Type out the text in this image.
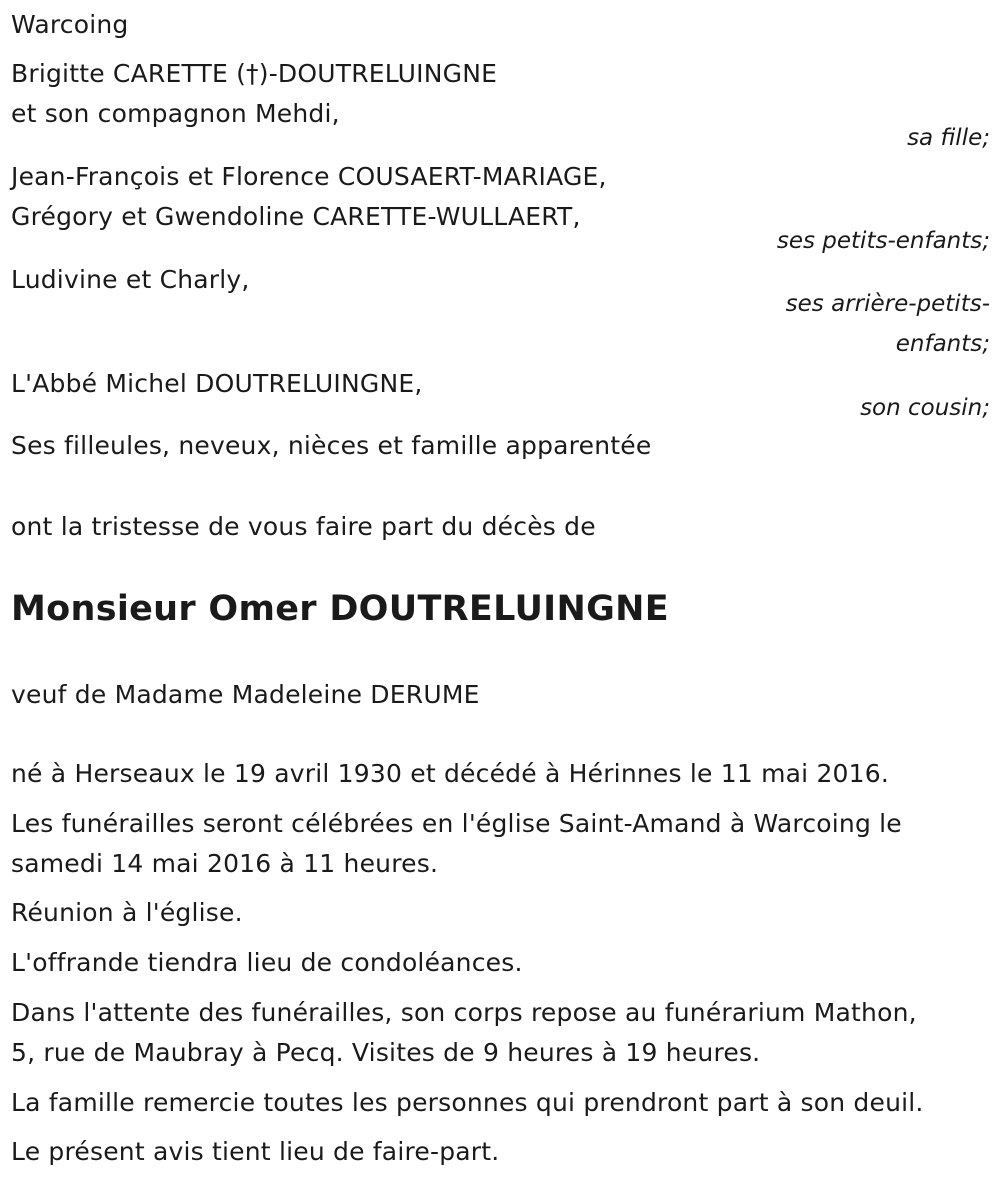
Warcoing
Brigitte CARETTE (†)-DOUTRELUINGNE
et son compagnon Mehdi,
sa fille;
Jean-François et Florence COUSAERT-MARIAGE,
Grégory et Gwendoline CARETTE-WULLAERT,
ses petits-enfants;
Ludivine et Charly,
ses arrière-petits-
enfants;
L'Abbé Michel DOUTRELUINGNE,
son cousin;
Ses filleules, neveux, nièces et famille apparentée
ont la tristesse de vous faire part du décès de
Monsieur Omer DOUTRELUINGNE
veuf de Madame Madeleine DERUME
né à Herseaux le 19 avril 1930 et décédé à Hérinnes le 11 mai 2016.
Les funérailles seront célébrées en l'église Saint-Amand à Warcoing le
samedi 14 mai 2016 à 11 heures.
Réunion à l'église.
L'offrande tiendra lieu de condoléances.
Dans l'attente des funérailles, son corps repose au funérarium Mathon,
5, rue de Maubray à Pecq. Visites de 9 heures à 19 heures.
La famille remercie toutes les personnes qui prendront part à son deuil.
Le présent avis tient lieu de faire-part.
